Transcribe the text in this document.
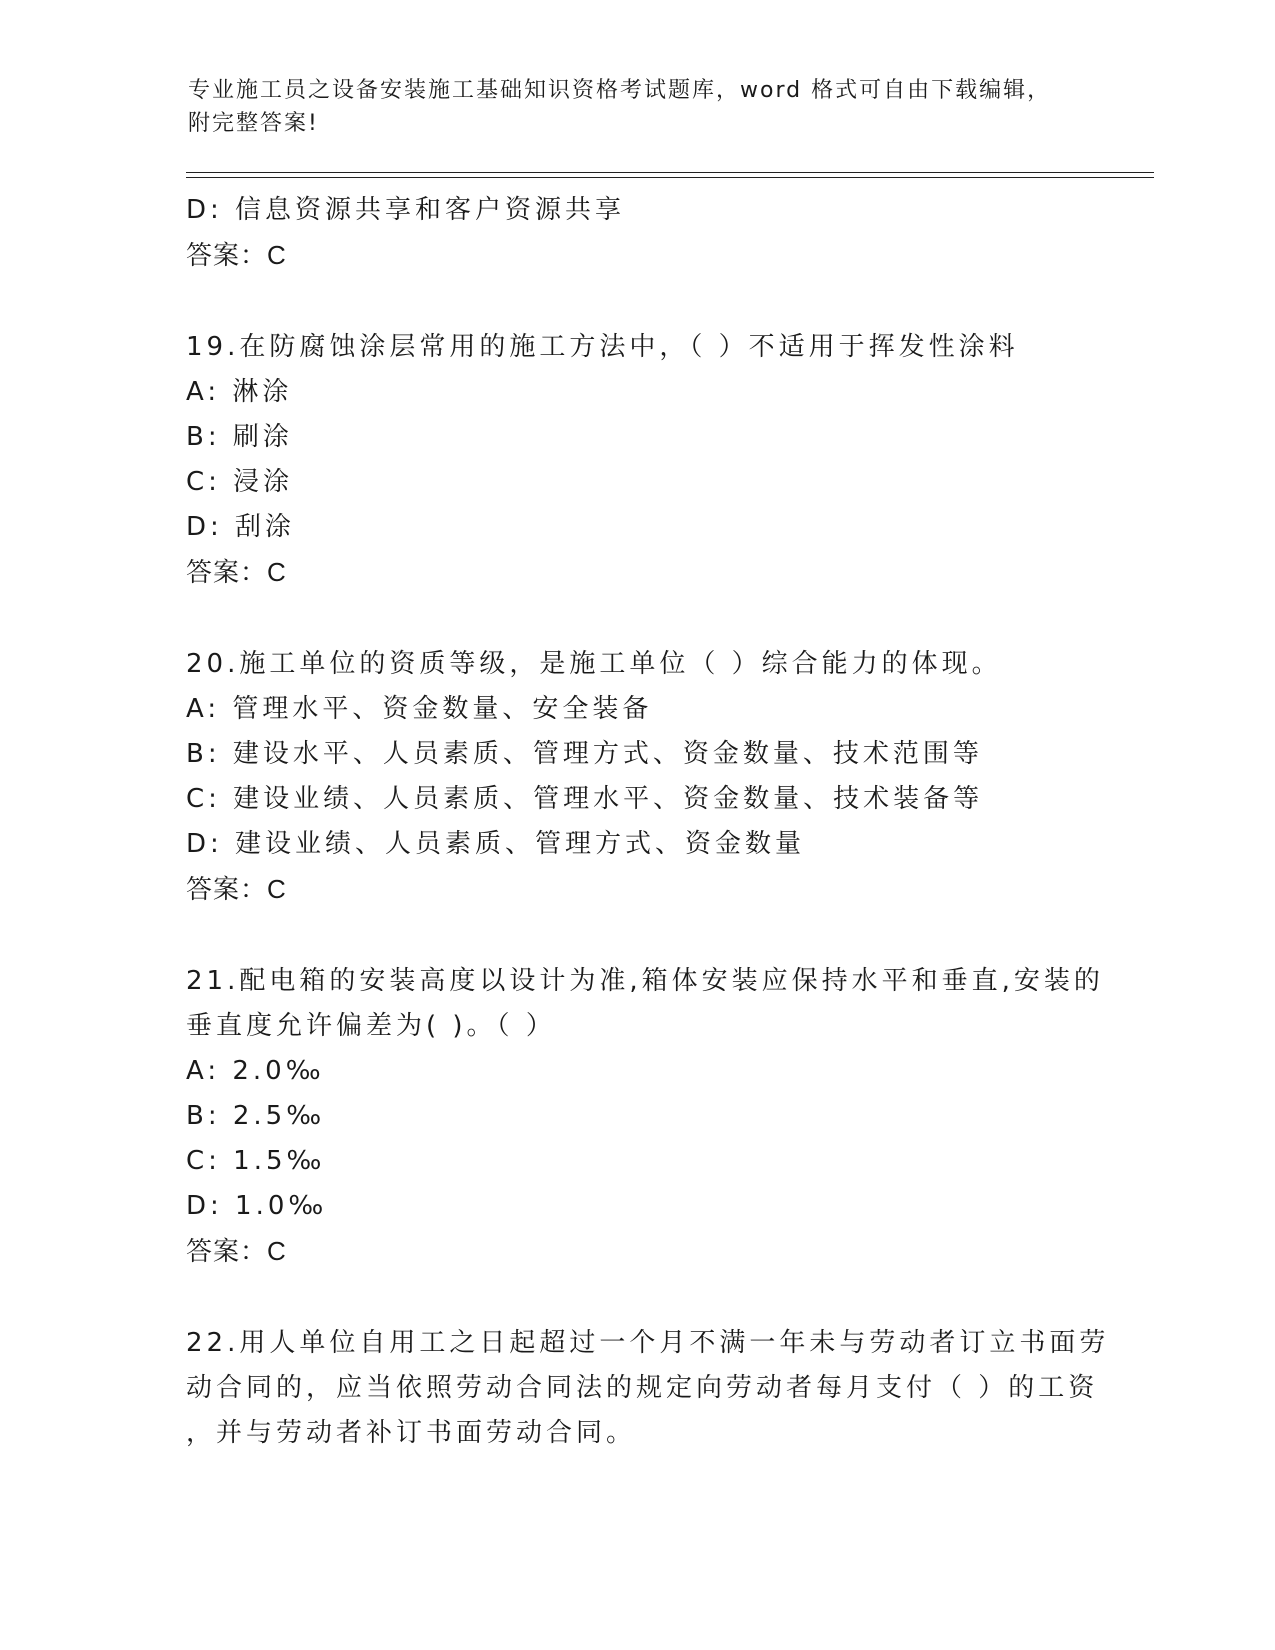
专业施工员之设备安装施工基础知识资格考试题库，word 格式可自由下载编辑，
附完整答案!
D: 信息资源共享和客户资源共享
答案：C
19.在防腐蚀涂层常用的施工方法中，（ ）不适用于挥发性涂料
A: 淋涂
B: 刷涂
C: 浸涂
D: 刮涂
答案：C
20.施工单位的资质等级，是施工单位（ ）综合能力的体现。
A: 管理水平、资金数量、安全装备
B: 建设水平、人员素质、管理方式、资金数量、技术范围等
C: 建设业绩、人员素质、管理水平、资金数量、技术装备等
D: 建设业绩、人员素质、管理方式、资金数量
答案：C
21.配电箱的安装高度以设计为准,箱体安装应保持水平和垂直,安装的
垂直度允许偏差为( )。（ ）
A: 2.0‰
B: 2.5‰
C: 1.5‰
D: 1.0‰
答案：C
22.用人单位自用工之日起超过一个月不满一年未与劳动者订立书面劳
动合同的，应当依照劳动合同法的规定向劳动者每月支付（ ）的工资
，并与劳动者补订书面劳动合同。
